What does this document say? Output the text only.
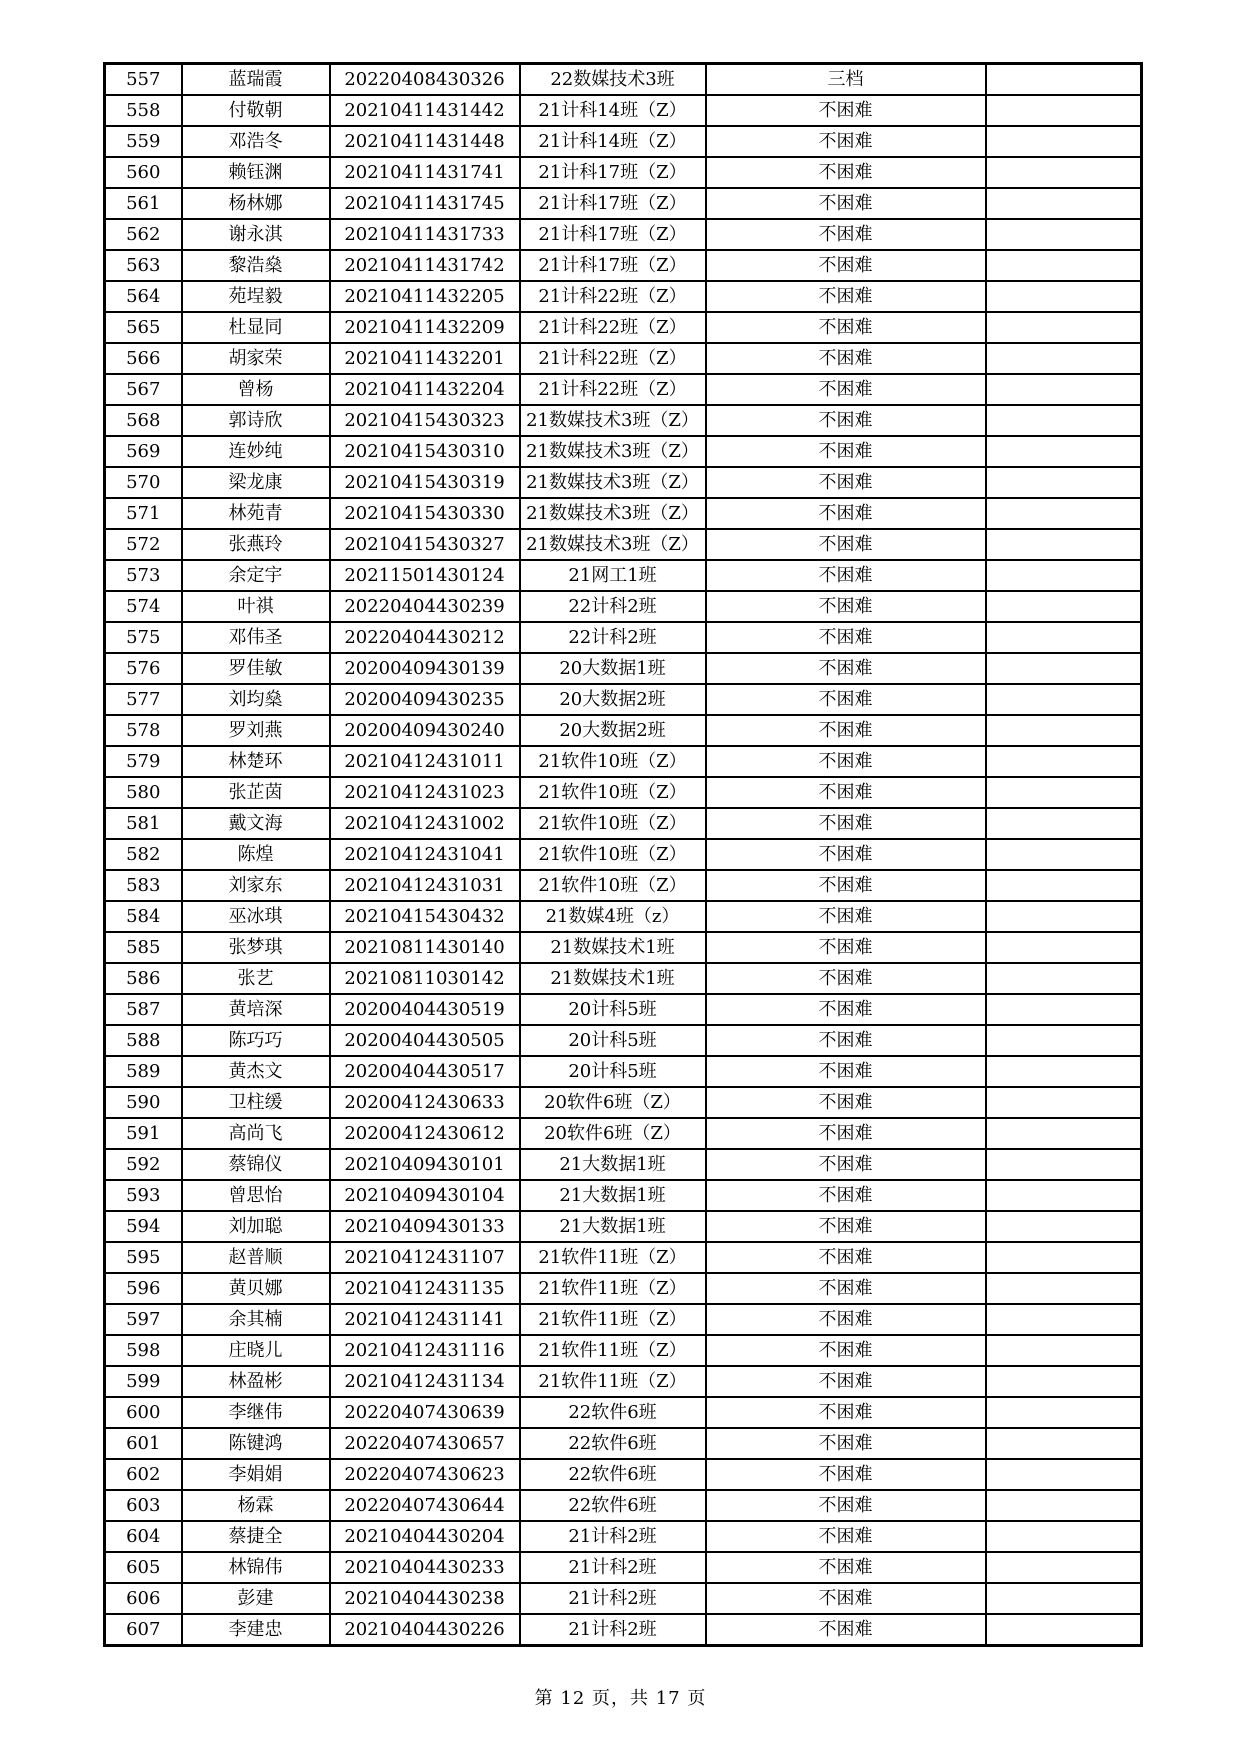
557	蓝瑞霞	20220408430326	22数媒技术3班	三档	
558	付敬朝	20210411431442	21计科14班（Z）	不困难	
559	邓浩冬	20210411431448	21计科14班（Z）	不困难	
560	赖钰渊	20210411431741	21计科17班（Z）	不困难	
561	杨林娜	20210411431745	21计科17班（Z）	不困难	
562	谢永淇	20210411431733	21计科17班（Z）	不困难	
563	黎浩燊	20210411431742	21计科17班（Z）	不困难	
564	苑埕毅	20210411432205	21计科22班（Z）	不困难	
565	杜显同	20210411432209	21计科22班（Z）	不困难	
566	胡家荣	20210411432201	21计科22班（Z）	不困难	
567	曾杨	20210411432204	21计科22班（Z）	不困难	
568	郭诗欣	20210415430323	21数媒技术3班（Z）	不困难	
569	连妙纯	20210415430310	21数媒技术3班（Z）	不困难	
570	梁龙康	20210415430319	21数媒技术3班（Z）	不困难	
571	林苑青	20210415430330	21数媒技术3班（Z）	不困难	
572	张燕玲	20210415430327	21数媒技术3班（Z）	不困难	
573	余定宇	20211501430124	21网工1班	不困难	
574	叶祺	20220404430239	22计科2班	不困难	
575	邓伟圣	20220404430212	22计科2班	不困难	
576	罗佳敏	20200409430139	20大数据1班	不困难	
577	刘均燊	20200409430235	20大数据2班	不困难	
578	罗刘燕	20200409430240	20大数据2班	不困难	
579	林楚环	20210412431011	21软件10班（Z）	不困难	
580	张芷茵	20210412431023	21软件10班（Z）	不困难	
581	戴文海	20210412431002	21软件10班（Z）	不困难	
582	陈煌	20210412431041	21软件10班（Z）	不困难	
583	刘家东	20210412431031	21软件10班（Z）	不困难	
584	巫冰琪	20210415430432	21数媒4班（z）	不困难	
585	张梦琪	20210811430140	21数媒技术1班	不困难	
586	张艺	20210811030142	21数媒技术1班	不困难	
587	黄培深	20200404430519	20计科5班	不困难	
588	陈巧巧	20200404430505	20计科5班	不困难	
589	黄杰文	20200404430517	20计科5班	不困难	
590	卫柱缓	20200412430633	20软件6班（Z）	不困难	
591	高尚飞	20200412430612	20软件6班（Z）	不困难	
592	蔡锦仪	20210409430101	21大数据1班	不困难	
593	曾思怡	20210409430104	21大数据1班	不困难	
594	刘加聪	20210409430133	21大数据1班	不困难	
595	赵普顺	20210412431107	21软件11班（Z）	不困难	
596	黄贝娜	20210412431135	21软件11班（Z）	不困难	
597	余其楠	20210412431141	21软件11班（Z）	不困难	
598	庄晓儿	20210412431116	21软件11班（Z）	不困难	
599	林盈彬	20210412431134	21软件11班（Z）	不困难	
600	李继伟	20220407430639	22软件6班	不困难	
601	陈键鸿	20220407430657	22软件6班	不困难	
602	李娟娟	20220407430623	22软件6班	不困难	
603	杨霖	20220407430644	22软件6班	不困难	
604	蔡捷全	20210404430204	21计科2班	不困难	
605	林锦伟	20210404430233	21计科2班	不困难	
606	彭建	20210404430238	21计科2班	不困难	
607	李建忠	20210404430226	21计科2班	不困难	
第 12 页，共 17 页
